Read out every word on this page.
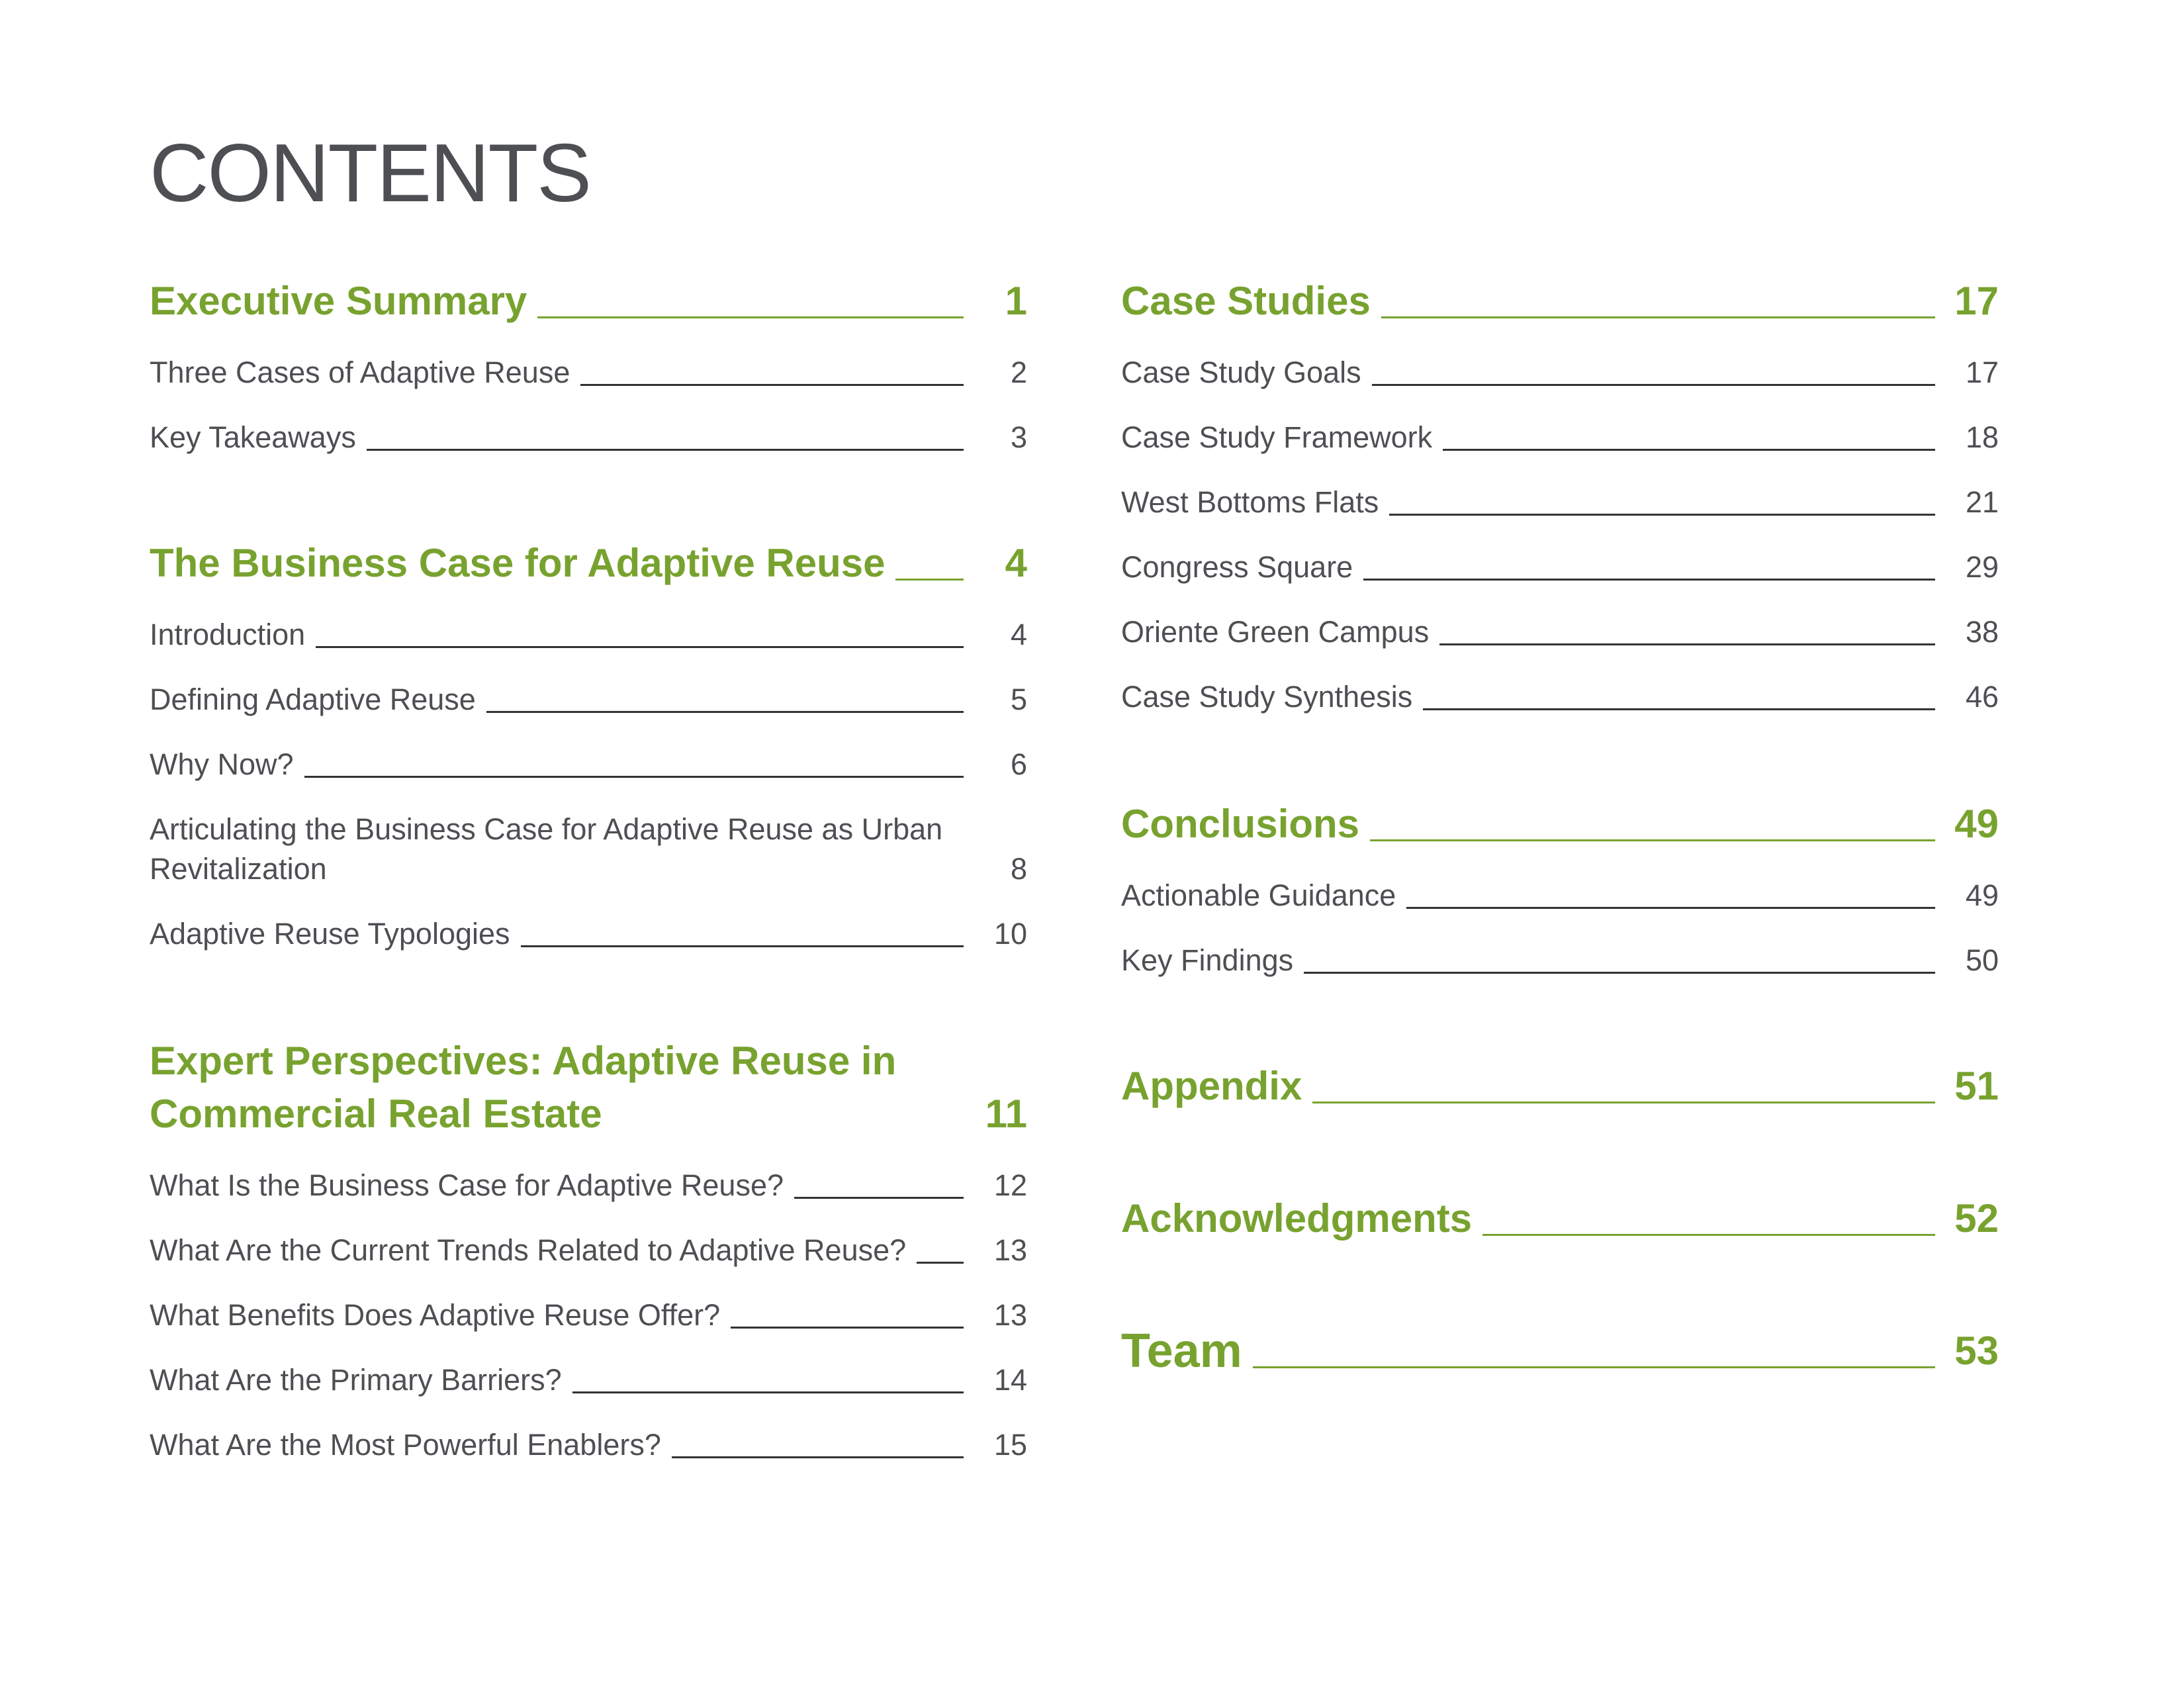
CONTENTS
Executive Summary	1
Three Cases of Adaptive Reuse	2
Key Takeaways	3
The Business Case for Adaptive Reuse	4
Introduction	4
Defining Adaptive Reuse	5
Why Now?	6
Articulating the Business Case for Adaptive Reuse as Urban Revitalization	8
Adaptive Reuse Typologies	10
Expert Perspectives: Adaptive Reuse in Commercial Real Estate	11
What Is the Business Case for Adaptive Reuse?	12
What Are the Current Trends Related to Adaptive Reuse?	13
What Benefits Does Adaptive Reuse Offer?	13
What Are the Primary Barriers?	14
What Are the Most Powerful Enablers?	15
Case Studies	17
Case Study Goals	17
Case Study Framework	18
West Bottoms Flats	21
Congress Square	29
Oriente Green Campus	38
Case Study Synthesis	46
Conclusions	49
Actionable Guidance	49
Key Findings	50
Appendix	51
Acknowledgments	52
Team	53
